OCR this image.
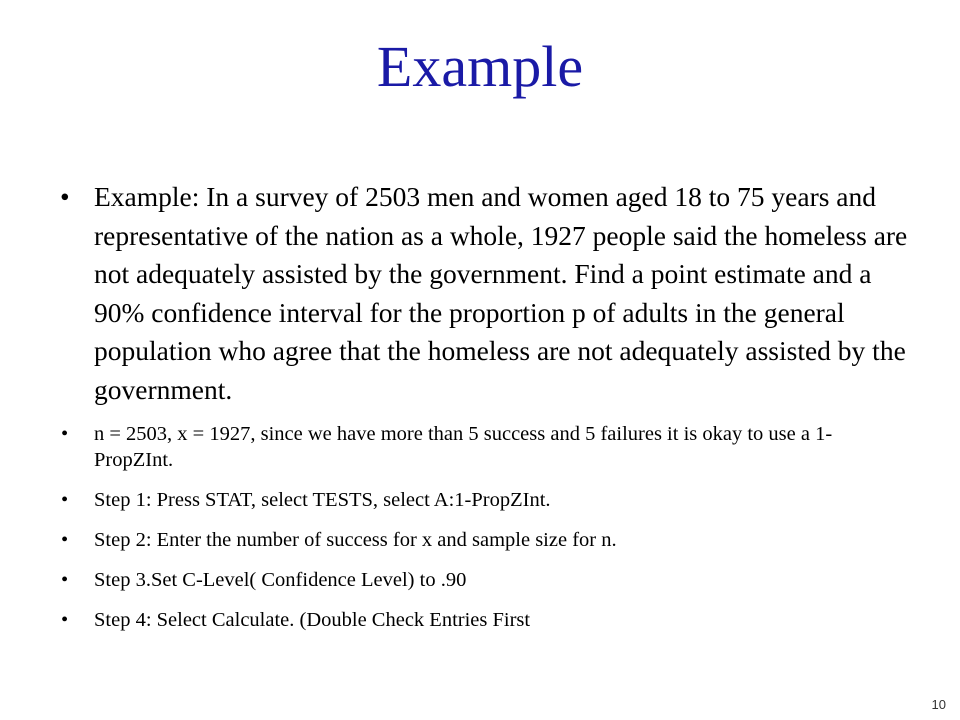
Example
• Example: In a survey of 2503 men and women aged 18 to 75 years and representative of the nation as a whole, 1927 people said the homeless are not adequately assisted by the government. Find a point estimate and a 90% confidence interval for the proportion p of adults in the general population who agree that the homeless are not adequately assisted by the government.
• n = 2503, x = 1927, since we have more than 5 success and 5 failures it is okay to use a 1-PropZInt.
• Step 1: Press STAT, select TESTS, select A:1-PropZInt.
• Step 2: Enter the number of success for x and sample size for n.
• Step 3.Set C-Level( Confidence Level) to .90
• Step 4: Select Calculate. (Double Check Entries First
10
